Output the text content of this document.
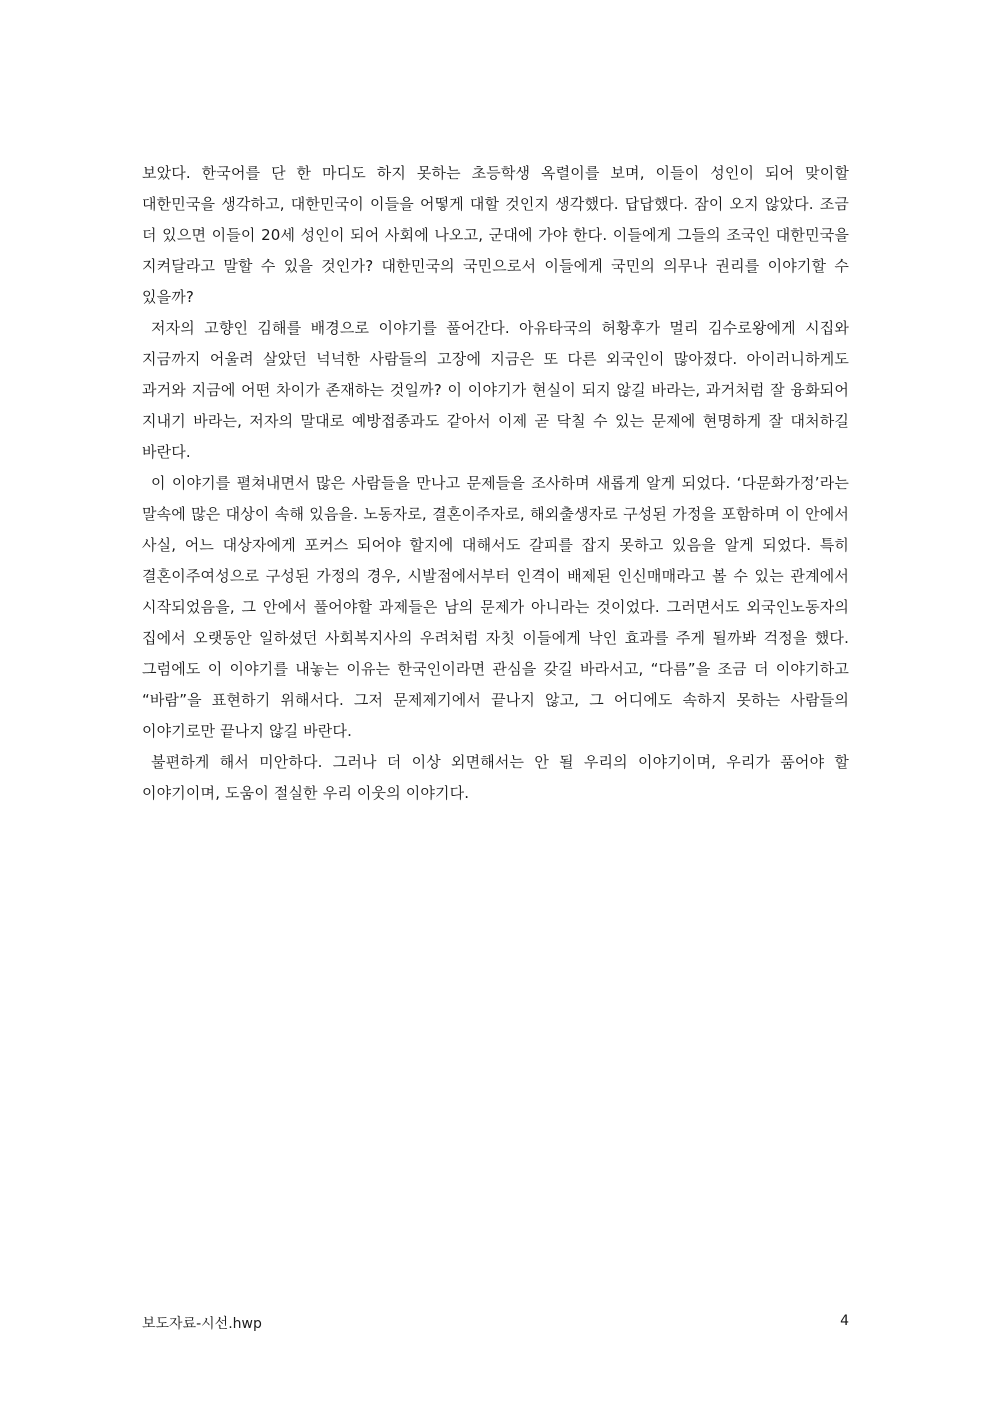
보았다. 한국어를 단 한 마디도 하지 못하는 초등학생 옥렬이를 보며, 이들이 성인이 되어 맞이할 대한민국을 생각하고, 대한민국이 이들을 어떻게 대할 것인지 생각했다. 답답했다. 잠이 오지 않았다. 조금 더 있으면 이들이 20세 성인이 되어 사회에 나오고, 군대에 가야 한다. 이들에게 그들의 조국인 대한민국을 지켜달라고 말할 수 있을 것인가? 대한민국의 국민으로서 이들에게 국민의 의무나 권리를 이야기할 수 있을까?

저자의 고향인 김해를 배경으로 이야기를 풀어간다. 아유타국의 허황후가 멀리 김수로왕에게 시집와 지금까지 어울려 살았던 넉넉한 사람들의 고장에 지금은 또 다른 외국인이 많아졌다. 아이러니하게도 과거와 지금에 어떤 차이가 존재하는 것일까? 이 이야기가 현실이 되지 않길 바라는, 과거처럼 잘 융화되어 지내기 바라는, 저자의 말대로 예방접종과도 같아서 이제 곧 닥칠 수 있는 문제에 현명하게 잘 대처하길 바란다.

이 이야기를 펼쳐내면서 많은 사람들을 만나고 문제들을 조사하며 새롭게 알게 되었다. ‘다문화가정’라는 말속에 많은 대상이 속해 있음을. 노동자로, 결혼이주자로, 해외출생자로 구성된 가정을 포함하며 이 안에서 사실, 어느 대상자에게 포커스 되어야 할지에 대해서도 갈피를 잡지 못하고 있음을 알게 되었다. 특히 결혼이주여성으로 구성된 가정의 경우, 시발점에서부터 인격이 배제된 인신매매라고 볼 수 있는 관계에서 시작되었음을, 그 안에서 풀어야할 과제들은 남의 문제가 아니라는 것이었다. 그러면서도 외국인노동자의 집에서 오랫동안 일하셨던 사회복지사의 우려처럼 자칫 이들에게 낙인 효과를 주게 될까봐 걱정을 했다. 그럼에도 이 이야기를 내놓는 이유는 한국인이라면 관심을 갖길 바라서고, “다름”을 조금 더 이야기하고 “바람”을 표현하기 위해서다. 그저 문제제기에서 끝나지 않고, 그 어디에도 속하지 못하는 사람들의 이야기로만 끝나지 않길 바란다.

불편하게 해서 미안하다. 그러나 더 이상 외면해서는 안 될 우리의 이야기이며, 우리가 품어야 할 이야기이며, 도움이 절실한 우리 이웃의 이야기다.

보도자료-시선.hwp	4
